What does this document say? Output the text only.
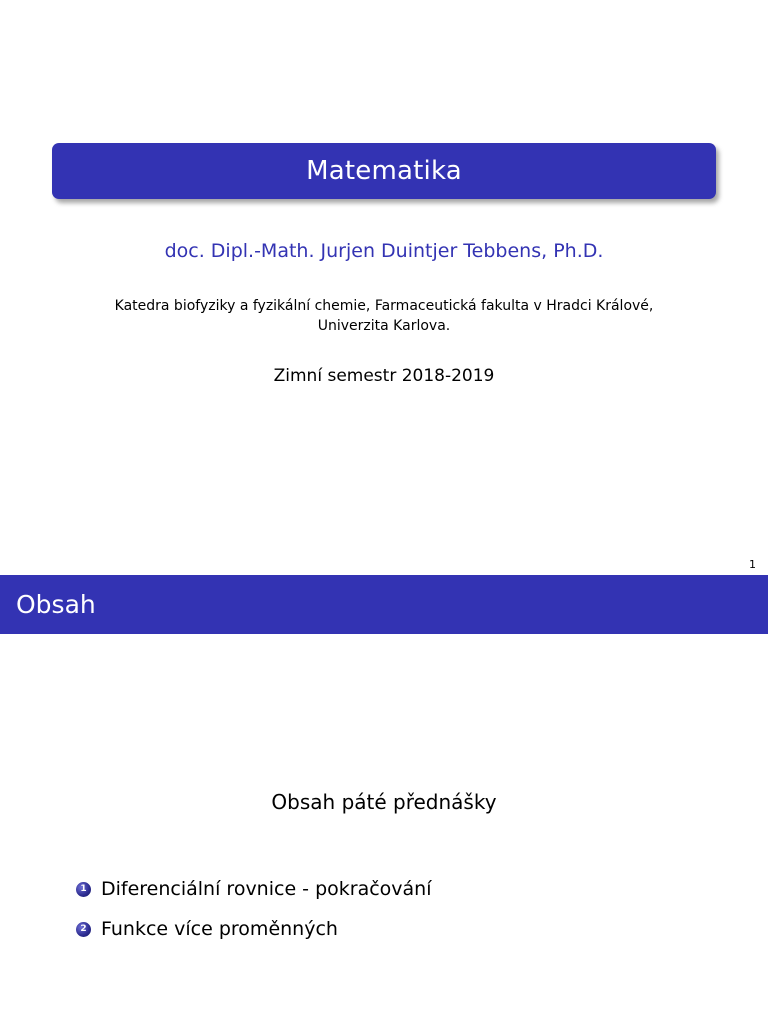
Matematika
doc. Dipl.-Math. Jurjen Duintjer Tebbens, Ph.D.
Katedra biofyziky a fyzikální chemie, Farmaceutická fakulta v Hradci Králové,
Univerzita Karlova.
Zimní semestr 2018-2019
1
Obsah
Obsah páté přednášky
1 Diferenciální rovnice - pokračování
2 Funkce více proměnných
